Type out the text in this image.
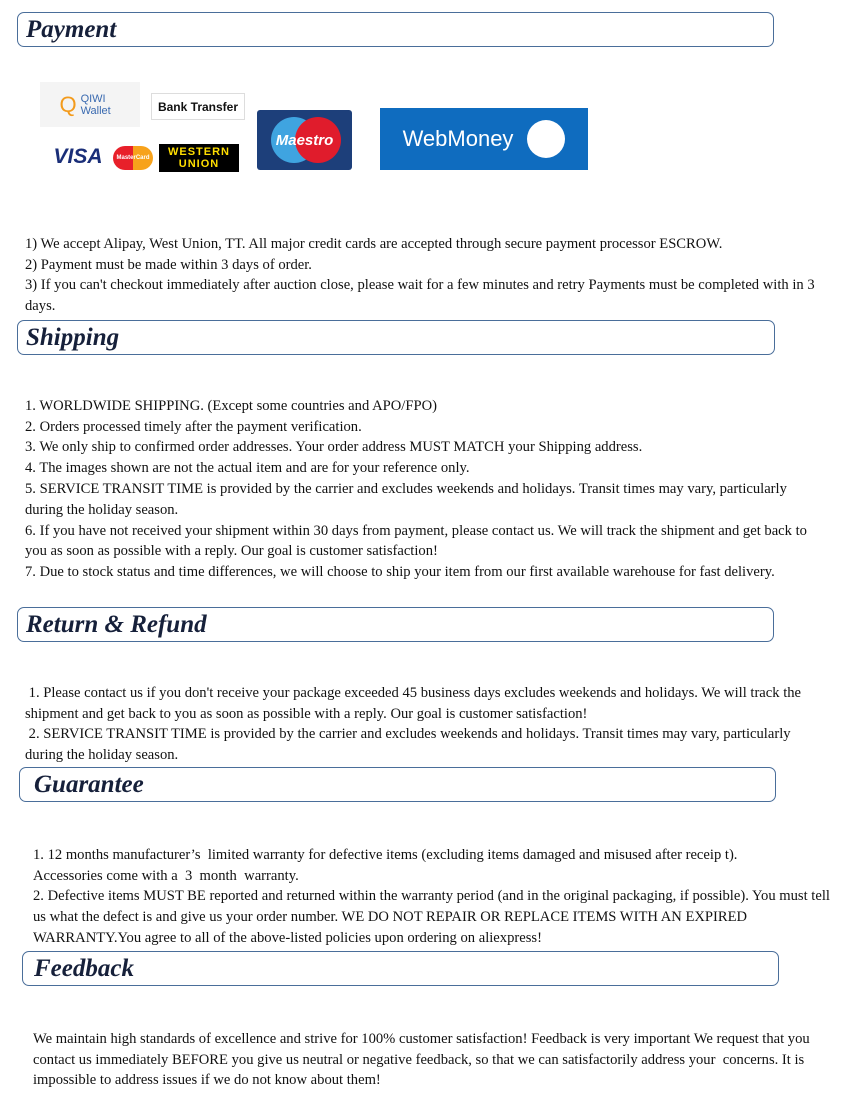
Payment
Q QIWI Wallet	Bank Transfer
VISA	MasterCard	WESTERN UNION
Maestro	WebMoney

1) We accept Alipay, West Union, TT. All major credit cards are accepted through secure payment processor ESCROW.
2) Payment must be made within 3 days of order.
3) If you can't checkout immediately after auction close, please wait for a few minutes and retry Payments must be completed with in 3 days.

Shipping

1. WORLDWIDE SHIPPING. (Except some countries and APO/FPO)
2. Orders processed timely after the payment verification.
3. We only ship to confirmed order addresses. Your order address MUST MATCH your Shipping address.
4. The images shown are not the actual item and are for your reference only.
5. SERVICE TRANSIT TIME is provided by the carrier and excludes weekends and holidays. Transit times may vary, particularly during the holiday season.
6. If you have not received your shipment within 30 days from payment, please contact us. We will track the shipment and get back to you as soon as possible with a reply. Our goal is customer satisfaction!
7. Due to stock status and time differences, we will choose to ship your item from our first available warehouse for fast delivery.

Return & Refund

1. Please contact us if you don't receive your package exceeded 45 business days excludes weekends and holidays. We will track the shipment and get back to you as soon as possible with a reply. Our goal is customer satisfaction!
2. SERVICE TRANSIT TIME is provided by the carrier and excludes weekends and holidays. Transit times may vary, particularly during the holiday season.

Guarantee

1. 12 months manufacturer’s  limited warranty for defective items (excluding items damaged and misused after receip t). Accessories come with a  3  month  warranty.
2. Defective items MUST BE reported and returned within the warranty period (and in the original packaging, if possible). You must tell us what the defect is and give us your order number. WE DO NOT REPAIR OR REPLACE ITEMS WITH AN EXPIRED WARRANTY.You agree to all of the above-listed policies upon ordering on aliexpress!

Feedback

We maintain high standards of excellence and strive for 100% customer satisfaction! Feedback is very important We request that you contact us immediately BEFORE you give us neutral or negative feedback, so that we can satisfactorily address your  concerns. It is impossible to address issues if we do not know about them!
